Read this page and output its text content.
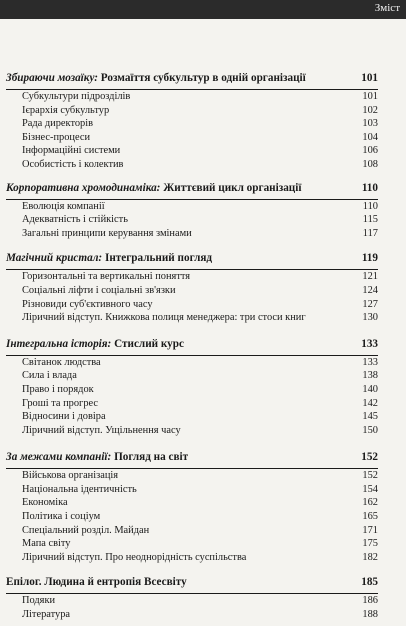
Зміст
Збираючи мозаїку: Розмаїття субкультур в одній організації	101
Субкультури підрозділів	101
Ієрархія субкультур	102
Рада директорів	103
Бізнес-процеси	104
Інформаційні системи	106
Особистість і колектив	108
Корпоративна хромодинаміка: Життєвий цикл організації	110
Еволюція компанії	110
Адекватність і стійкість	115
Загальні принципи керування змінами	117
Магічний кристал: Інтегральний погляд	119
Горизонтальні та вертикальні поняття	121
Соціальні ліфти і соціальні зв'язки	124
Різновиди суб'єктивного часу	127
Ліричний відступ. Книжкова полиця менеджера: три стоси книг	130
Інтегральна історія: Стислий курс	133
Світанок людства	133
Сила і влада	138
Право і порядок	140
Гроші та прогрес	142
Відносини і довіра	145
Ліричний відступ. Ущільнення часу	150
За межами компанії: Погляд на світ	152
Військова організація	152
Національна ідентичність	154
Економіка	162
Політика і соціум	165
Спеціальний розділ. Майдан	171
Мапа світу	175
Ліричний відступ. Про неоднорідність суспільства	182
Епілог. Людина й ентропія Всесвіту	185
Подяки	186
Література	188
